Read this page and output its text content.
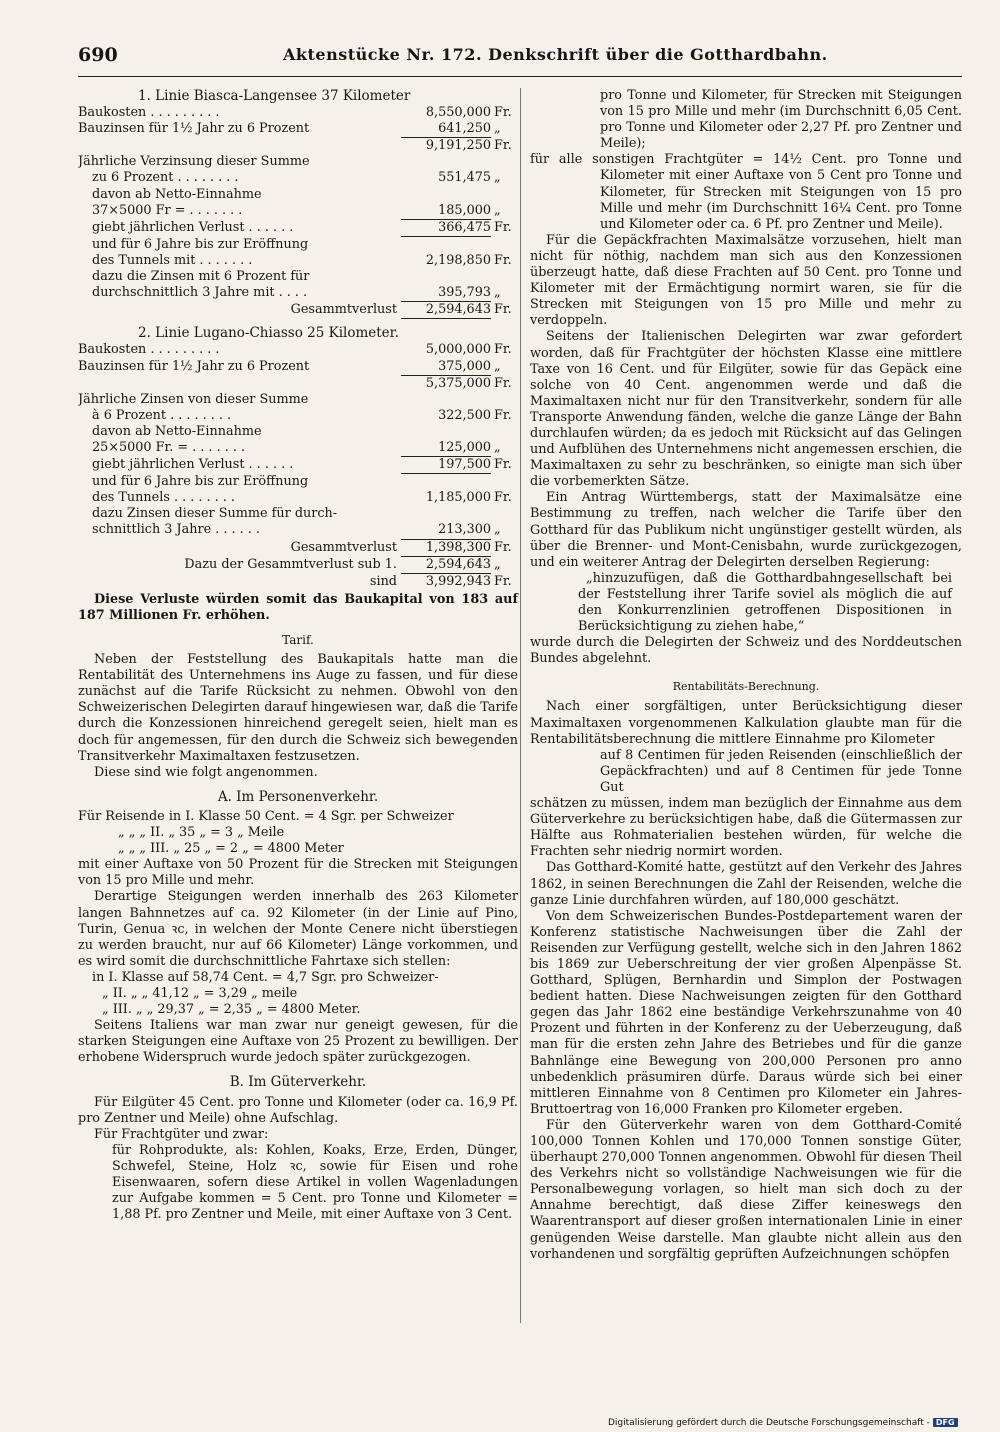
690	Aktenstücke Nr. 172. Denkschrift über die Gotthardbahn.

1. Linie Biasca-Langensee 37 Kilometer

Baukosten . . . . . . . . .	8,550,000 Fr.
Bauzinsen für 1½ Jahr zu 6 Prozent	641,250 „
9,191,250 Fr.
Jährliche Verzinsung dieser Summe
zu 6 Prozent . . . . . . . .	551,475 „
davon ab Netto-Einnahme
37×5000 Fr = . . . . . . .	185,000 „
giebt jährlichen Verlust . . . . . .	366,475 Fr.
und für 6 Jahre bis zur Eröffnung
des Tunnels mit . . . . . . .	2,198,850 Fr.
dazu die Zinsen mit 6 Prozent für
durchschnittlich 3 Jahre mit . . . .	395,793 „
Gesammtverlust	2,594,643 Fr.

2. Linie Lugano-Chiasso 25 Kilometer.

Baukosten . . . . . . . . .	5,000,000 Fr.
Bauzinsen für 1½ Jahr zu 6 Prozent	375,000 „
5,375,000 Fr.
Jährliche Zinsen von dieser Summe
à 6 Prozent . . . . . . . .	322,500 Fr.
davon ab Netto-Einnahme
25×5000 Fr. = . . . . . . .	125,000 „
giebt jährlichen Verlust . . . . . .	197,500 Fr.
und für 6 Jahre bis zur Eröffnung
des Tunnels . . . . . . . .	1,185,000 Fr.
dazu Zinsen dieser Summe für durch-
schnittlich 3 Jahre . . . . . .	213,300 „
Gesammtverlust	1,398,300 Fr.
Dazu der Gesammtverlust sub 1.	2,594,643 „
sind	3,992,943 Fr.

Diese Verluste würden somit das Baukapital von 183 auf 187 Millionen Fr. erhöhen.

Tarif.

Neben der Feststellung des Baukapitals hatte man die Rentabilität des Unternehmens ins Auge zu fassen, und für diese zunächst auf die Tarife Rücksicht zu nehmen. Obwohl von den Schweizerischen Delegirten darauf hingewiesen war, daß die Tarife durch die Konzessionen hinreichend geregelt seien, hielt man es doch für angemessen, für den durch die Schweiz sich bewegenden Transitverkehr Maximaltaxen festzusetzen.

Diese sind wie folgt angenommen.

A. Im Personenverkehr.

Für Reisende in I. Klasse 50 Cent. = 4 Sgr. per Schweizer

„ „ „ II. „ 35 „ = 3 „ Meile

„ „ „ III. „ 25 „ = 2 „ = 4800 Meter

mit einer Auftaxe von 50 Prozent für die Strecken mit Steigungen von 15 pro Mille und mehr.

Derartige Steigungen werden innerhalb des 263 Kilometer langen Bahnnetzes auf ca. 92 Kilometer (in der Linie auf Pino, Turin, Genua ꝛc, in welchen der Monte Cenere nicht überstiegen zu werden braucht, nur auf 66 Kilometer) Länge vorkommen, und es wird somit die durchschnittliche Fahrtaxe sich stellen:

in I. Klasse auf 58,74 Cent. = 4,7 Sgr. pro Schweizer-

„ II. „ „ 41,12 „ = 3,29 „ meile

„ III. „ „ 29,37 „ = 2,35 „ = 4800 Meter.

Seitens Italiens war man zwar nur geneigt gewesen, für die starken Steigungen eine Auftaxe von 25 Prozent zu bewilligen. Der erhobene Widerspruch wurde jedoch später zurückgezogen.

B. Im Güterverkehr.

Für Eilgüter 45 Cent. pro Tonne und Kilometer (oder ca. 16,9 Pf. pro Zentner und Meile) ohne Aufschlag.

Für Frachtgüter und zwar:

für Rohprodukte, als: Kohlen, Koaks, Erze, Erden, Dünger, Schwefel, Steine, Holz ꝛc, sowie für Eisen und rohe Eisenwaaren, sofern diese Artikel in vollen Wagenladungen zur Aufgabe kommen = 5 Cent. pro Tonne und Kilometer = 1,88 Pf. pro Zentner und Meile, mit einer Auftaxe von 3 Cent.

pro Tonne und Kilometer, für Strecken mit Steigungen von 15 pro Mille und mehr (im Durchschnitt 6,05 Cent. pro Tonne und Kilometer oder 2,27 Pf. pro Zentner und Meile);

für alle sonstigen Frachtgüter = 14½ Cent. pro Tonne und Kilometer mit einer Auftaxe von 5 Cent pro Tonne und Kilometer, für Strecken mit Steigungen von 15 pro Mille und mehr (im Durchschnitt 16¼ Cent. pro Tonne und Kilometer oder ca. 6 Pf. pro Zentner und Meile).

Für die Gepäckfrachten Maximalsätze vorzusehen, hielt man nicht für nöthig, nachdem man sich aus den Konzessionen überzeugt hatte, daß diese Frachten auf 50 Cent. pro Tonne und Kilometer mit der Ermächtigung normirt waren, sie für die Strecken mit Steigungen von 15 pro Mille und mehr zu verdoppeln.

Seitens der Italienischen Delegirten war zwar gefordert worden, daß für Frachtgüter der höchsten Klasse eine mittlere Taxe von 16 Cent. und für Eilgüter, sowie für das Gepäck eine solche von 40 Cent. angenommen werde und daß die Maximaltaxen nicht nur für den Transitverkehr, sondern für alle Transporte Anwendung fänden, welche die ganze Länge der Bahn durchlaufen würden; da es jedoch mit Rücksicht auf das Gelingen und Aufblühen des Unternehmens nicht angemessen erschien, die Maximaltaxen zu sehr zu beschränken, so einigte man sich über die vorbemerkten Sätze.

Ein Antrag Württembergs, statt der Maximalsätze eine Bestimmung zu treffen, nach welcher die Tarife über den Gotthard für das Publikum nicht ungünstiger gestellt würden, als über die Brenner- und Mont-Cenisbahn, wurde zurückgezogen, und ein weiterer Antrag der Delegirten derselben Regierung:

„hinzuzufügen, daß die Gotthardbahngesellschaft bei der Feststellung ihrer Tarife soviel als möglich die auf den Konkurrenzlinien getroffenen Dispositionen in Berücksichtigung zu ziehen habe,“

wurde durch die Delegirten der Schweiz und des Norddeutschen Bundes abgelehnt.

Rentabilitäts-Berechnung.

Nach einer sorgfältigen, unter Berücksichtigung dieser Maximaltaxen vorgenommenen Kalkulation glaubte man für die Rentabilitätsberechnung die mittlere Einnahme pro Kilometer

auf 8 Centimen für jeden Reisenden (einschließlich der Gepäckfrachten) und auf 8 Centimen für jede Tonne Gut

schätzen zu müssen, indem man bezüglich der Einnahme aus dem Güterverkehre zu berücksichtigen habe, daß die Gütermassen zur Hälfte aus Rohmaterialien bestehen würden, für welche die Frachten sehr niedrig normirt worden.

Das Gotthard-Komité hatte, gestützt auf den Verkehr des Jahres 1862, in seinen Berechnungen die Zahl der Reisenden, welche die ganze Linie durchfahren würden, auf 180,000 geschätzt.

Von dem Schweizerischen Bundes-Postdepartement waren der Konferenz statistische Nachweisungen über die Zahl der Reisenden zur Verfügung gestellt, welche sich in den Jahren 1862 bis 1869 zur Ueberschreitung der vier großen Alpenpässe St. Gotthard, Splügen, Bernhardin und Simplon der Postwagen bedient hatten. Diese Nachweisungen zeigten für den Gotthard gegen das Jahr 1862 eine beständige Verkehrszunahme von 40 Prozent und führten in der Konferenz zu der Ueberzeugung, daß man für die ersten zehn Jahre des Betriebes und für die ganze Bahnlänge eine Bewegung von 200,000 Personen pro anno unbedenklich präsumiren dürfe. Daraus würde sich bei einer mittleren Einnahme von 8 Centimen pro Kilometer ein Jahres-Bruttoertrag von 16,000 Franken pro Kilometer ergeben.

Für den Güterverkehr waren von dem Gotthard-Comité 100,000 Tonnen Kohlen und 170,000 Tonnen sonstige Güter, überhaupt 270,000 Tonnen angenommen. Obwohl für diesen Theil des Verkehrs nicht so vollständige Nachweisungen wie für die Personalbewegung vorlagen, so hielt man sich doch zu der Annahme berechtigt, daß diese Ziffer keineswegs den Waarentransport auf dieser großen internationalen Linie in einer genügenden Weise darstelle. Man glaubte nicht allein aus den vorhandenen und sorgfältig geprüften Aufzeichnungen schöpfen

Digitalisierung gefördert durch die Deutsche Forschungsgemeinschaft - DFG
